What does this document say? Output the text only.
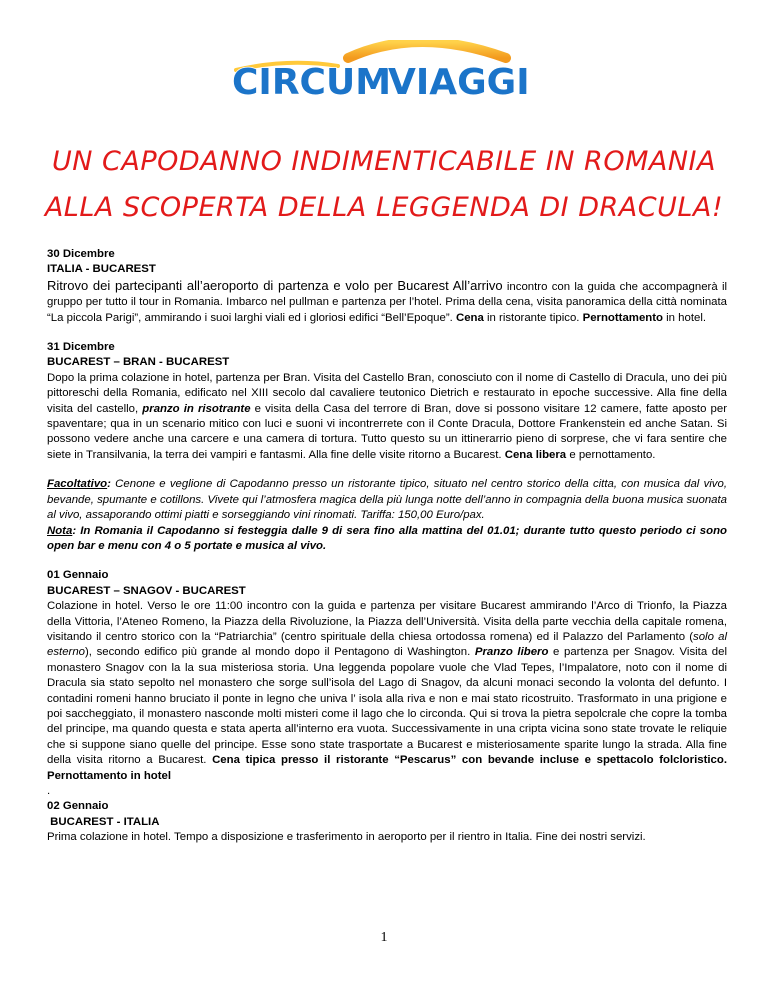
CIRCUM
VIAGGI
UN CAPODANNO INDIMENTICABILE IN ROMANIA
ALLA SCOPERTA DELLA LEGGENDA DI DRACULA!
30 Dicembre
ITALIA - BUCAREST

Ritrovo dei partecipanti all’aeroporto di partenza e volo per Bucarest All’arrivo incontro con la guida che accompagnerà il gruppo per tutto il tour in Romania. Imbarco nel pullman e partenza per l’hotel. Prima della cena, visita panoramica della città nominata “La piccola Parigi”, ammirando i suoi larghi viali ed i gloriosi edifici “Bell’Epoque”. Cena in ristorante tipico. Pernottamento in hotel.

31 Dicembre
BUCAREST – BRAN - BUCAREST

Dopo la prima colazione in hotel, partenza per Bran. Visita del Castello Bran, conosciuto con il nome di Castello di Dracula, uno dei più pittoreschi della Romania, edificato nel XIII secolo dal cavaliere teutonico Dietrich e restaurato in epoche successive. Alla fine della visita del castello, pranzo in risotrante e visita della Casa del terrore di Bran, dove si possono visitare 12 camere, fatte aposto per spaventare; qua in un scenario mitico con luci e suoni vi incontrerrete con il Conte Dracula, Dottore Frankenstein ed anche Satan. Si possono vedere anche una carcere e una camera di tortura. Tutto questo su un ittinerarrio pieno di sorprese, che vi fara sentire che siete in Transilvania, la terra dei vampiri e fantasmi. Alla fine delle visite ritorno a Bucarest. Cena libera e pernottamento.

Facoltativo: Cenone e veglione di Capodanno presso un ristorante tipico, situato nel centro storico della citta, con musica dal vivo, bevande, spumante e cotillons. Vivete qui l’atmosfera magica della più lunga notte dell’anno in compagnia della buona musica suonata al vivo, assaporando ottimi piatti e sorseggiando vini rinomati. Tariffa: 150,00 Euro/pax.

Nota: In Romania il Capodanno si festeggia dalle 9 di sera fino alla mattina del 01.01; durante tutto questo periodo ci sono open bar e menu con 4 o 5 portate e musica al vivo.

01 Gennaio
BUCAREST – SNAGOV - BUCAREST

Colazione in hotel. Verso le ore 11:00 incontro con la guida e partenza per visitare Bucarest ammirando l’Arco di Trionfo, la Piazza della Vittoria, l’Ateneo Romeno, la Piazza della Rivoluzione, la Piazza dell’Università. Visita della parte vecchia della capitale romena, visitando il centro storico con la “Patriarchia” (centro spirituale della chiesa ortodossa romena) ed il Palazzo del Parlamento (solo al esterno), secondo edifico più grande al mondo dopo il Pentagono di Washington. Pranzo libero e partenza per Snagov. Visita del monastero Snagov con la la sua misteriosa storia. Una leggenda popolare vuole che Vlad Tepes, l’Impalatore, noto con il nome di Dracula sia stato sepolto nel monastero che sorge sull’isola del Lago di Snagov, da alcuni monaci secondo la volonta del defunto. I contadini romeni hanno bruciato il ponte in legno che univa l’ isola alla riva e non e mai stato ricostruito. Trasformato in una prigione e poi saccheggiato, il monastero nasconde molti misteri come il lago che lo circonda. Qui si trova la pietra sepolcrale che copre la tomba del principe, ma quando questa e stata aperta all’interno era vuota. Successivamente in una cripta vicina sono state trovate le reliquie che si suppone siano quelle del principe. Esse sono state trasportate a Bucarest e misteriosamente sparite lungo la strada. Alla fine della visita ritorno a Bucarest. Cena tipica presso il ristorante “Pescarus” con bevande incluse e spettacolo folcloristico. Pernottamento in hotel

.
02 Gennaio
BUCAREST - ITALIA

Prima colazione in hotel. Tempo a disposizione e trasferimento in aeroporto per il rientro in Italia. Fine dei nostri servizi.

1
